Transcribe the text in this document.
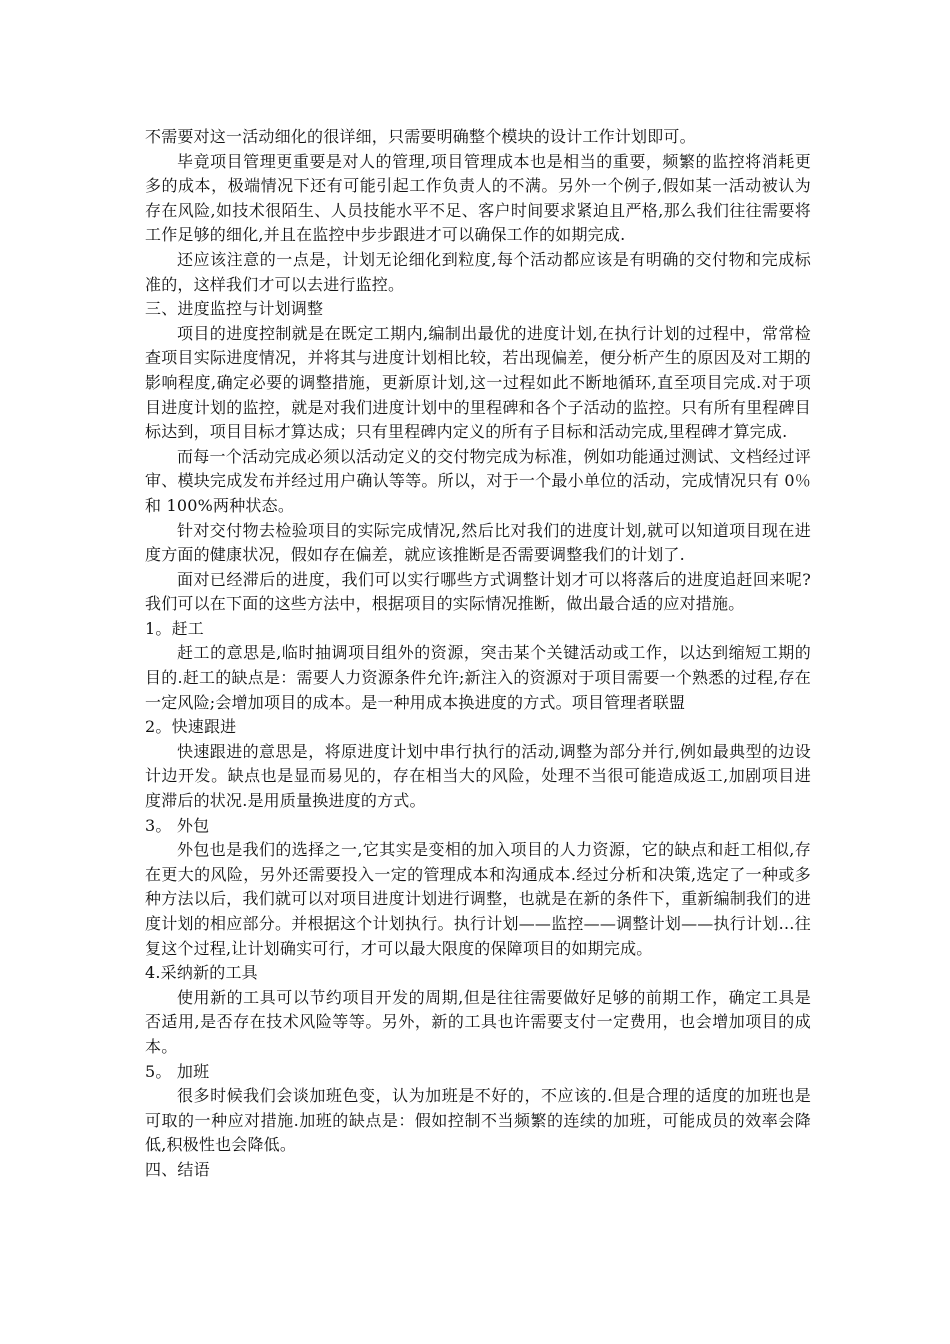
不需要对这一活动细化的很详细，只需要明确整个模块的设计工作计划即可。

毕竟项目管理更重要是对人的管理,项目管理成本也是相当的重要，频繁的监控将消耗更多的成本，极端情况下还有可能引起工作负责人的不满。另外一个例子,假如某一活动被认为存在风险,如技术很陌生、人员技能水平不足、客户时间要求紧迫且严格,那么我们往往需要将工作足够的细化,并且在监控中步步跟进才可以确保工作的如期完成.

还应该注意的一点是，计划无论细化到粒度,每个活动都应该是有明确的交付物和完成标准的，这样我们才可以去进行监控。

三、进度监控与计划调整

项目的进度控制就是在既定工期内,编制出最优的进度计划,在执行计划的过程中，常常检查项目实际进度情况，并将其与进度计划相比较，若出现偏差，便分析产生的原因及对工期的影响程度,确定必要的调整措施，更新原计划,这一过程如此不断地循环,直至项目完成.对于项目进度计划的监控，就是对我们进度计划中的里程碑和各个子活动的监控。只有所有里程碑目标达到，项目目标才算达成；只有里程碑内定义的所有子目标和活动完成,里程碑才算完成.

而每一个活动完成必须以活动定义的交付物完成为标准，例如功能通过测试、文档经过评审、模块完成发布并经过用户确认等等。所以，对于一个最小单位的活动，完成情况只有 0％和 100%两种状态。

针对交付物去检验项目的实际完成情况,然后比对我们的进度计划,就可以知道项目现在进度方面的健康状况，假如存在偏差，就应该推断是否需要调整我们的计划了.

面对已经滞后的进度，我们可以实行哪些方式调整计划才可以将落后的进度追赶回来呢?我们可以在下面的这些方法中，根据项目的实际情况推断，做出最合适的应对措施。

1。赶工

赶工的意思是,临时抽调项目组外的资源，突击某个关键活动或工作，以达到缩短工期的目的.赶工的缺点是：需要人力资源条件允许;新注入的资源对于项目需要一个熟悉的过程,存在一定风险;会增加项目的成本。是一种用成本换进度的方式。项目管理者联盟

2。快速跟进

快速跟进的意思是，将原进度计划中串行执行的活动,调整为部分并行,例如最典型的边设计边开发。缺点也是显而易见的，存在相当大的风险，处理不当很可能造成返工,加剧项目进度滞后的状况.是用质量换进度的方式。

3。 外包

外包也是我们的选择之一,它其实是变相的加入项目的人力资源，它的缺点和赶工相似,存在更大的风险，另外还需要投入一定的管理成本和沟通成本.经过分析和决策,选定了一种或多种方法以后，我们就可以对项目进度计划进行调整，也就是在新的条件下，重新编制我们的进度计划的相应部分。并根据这个计划执行。执行计划——监控——调整计划——执行计划…往复这个过程,让计划确实可行，才可以最大限度的保障项目的如期完成。

4.采纳新的工具

使用新的工具可以节约项目开发的周期,但是往往需要做好足够的前期工作，确定工具是否适用,是否存在技术风险等等。另外，新的工具也许需要支付一定费用，也会增加项目的成本。

5。 加班

很多时候我们会谈加班色变，认为加班是不好的，不应该的.但是合理的适度的加班也是可取的一种应对措施.加班的缺点是：假如控制不当频繁的连续的加班，可能成员的效率会降低,积极性也会降低。

四、结语
